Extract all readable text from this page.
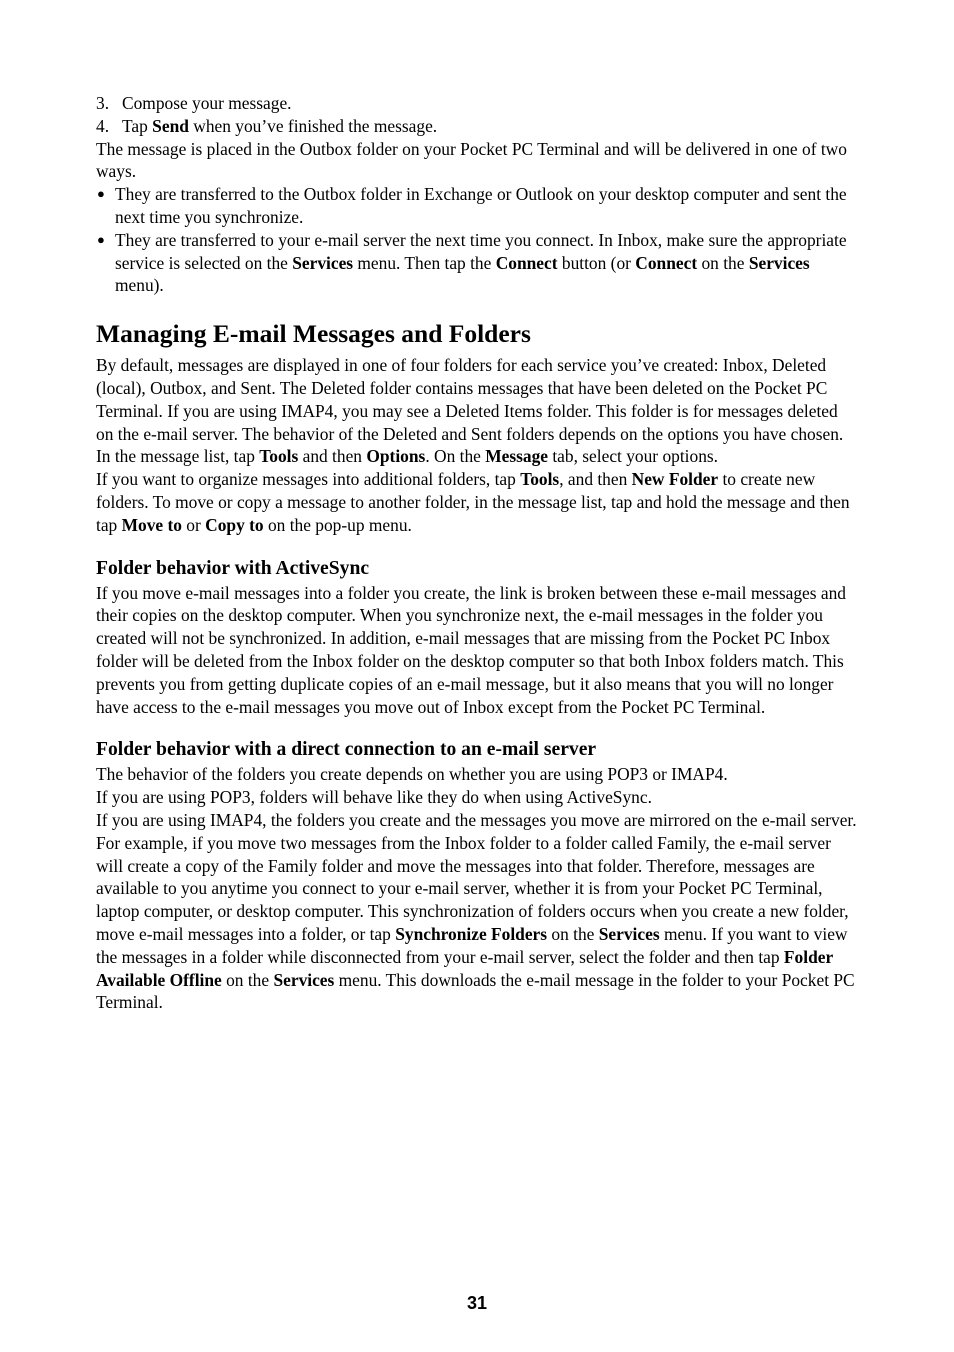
3. Compose your message.

4. Tap Send when you’ve finished the message.

The message is placed in the Outbox folder on your Pocket PC Terminal and will be delivered in one of two ways.

● They are transferred to the Outbox folder in Exchange or Outlook on your desktop computer and sent the next time you synchronize.
● They are transferred to your e-mail server the next time you connect. In Inbox, make sure the appropriate service is selected on the Services menu. Then tap the Connect button (or Connect on the Services menu).
Managing E-mail Messages and Folders

By default, messages are displayed in one of four folders for each service you’ve created: Inbox, Deleted (local), Outbox, and Sent. The Deleted folder contains messages that have been deleted on the Pocket PC Terminal. If you are using IMAP4, you may see a Deleted Items folder. This folder is for messages deleted on the e-mail server. The behavior of the Deleted and Sent folders depends on the options you have chosen. In the message list, tap Tools and then Options. On the Message tab, select your options.

If you want to organize messages into additional folders, tap Tools, and then New Folder to create new folders. To move or copy a message to another folder, in the message list, tap and hold the message and then tap Move to or Copy to on the pop-up menu.

Folder behavior with ActiveSync

If you move e-mail messages into a folder you create, the link is broken between these e-mail messages and their copies on the desktop computer. When you synchronize next, the e-mail messages in the folder you created will not be synchronized. In addition, e-mail messages that are missing from the Pocket PC Inbox folder will be deleted from the Inbox folder on the desktop computer so that both Inbox folders match. This prevents you from getting duplicate copies of an e-mail message, but it also means that you will no longer have access to the e-mail messages you move out of Inbox except from the Pocket PC Terminal.

Folder behavior with a direct connection to an e-mail server

The behavior of the folders you create depends on whether you are using POP3 or IMAP4.

If you are using POP3, folders will behave like they do when using ActiveSync.

If you are using IMAP4, the folders you create and the messages you move are mirrored on the e-mail server. For example, if you move two messages from the Inbox folder to a folder called Family, the e-mail server will create a copy of the Family folder and move the messages into that folder. Therefore, messages are available to you anytime you connect to your e-mail server, whether it is from your Pocket PC Terminal, laptop computer, or desktop computer. This synchronization of folders occurs when you create a new folder, move e-mail messages into a folder, or tap Synchronize Folders on the Services menu. If you want to view the messages in a folder while disconnected from your e-mail server, select the folder and then tap Folder Available Offline on the Services menu. This downloads the e-mail message in the folder to your Pocket PC Terminal.

31
